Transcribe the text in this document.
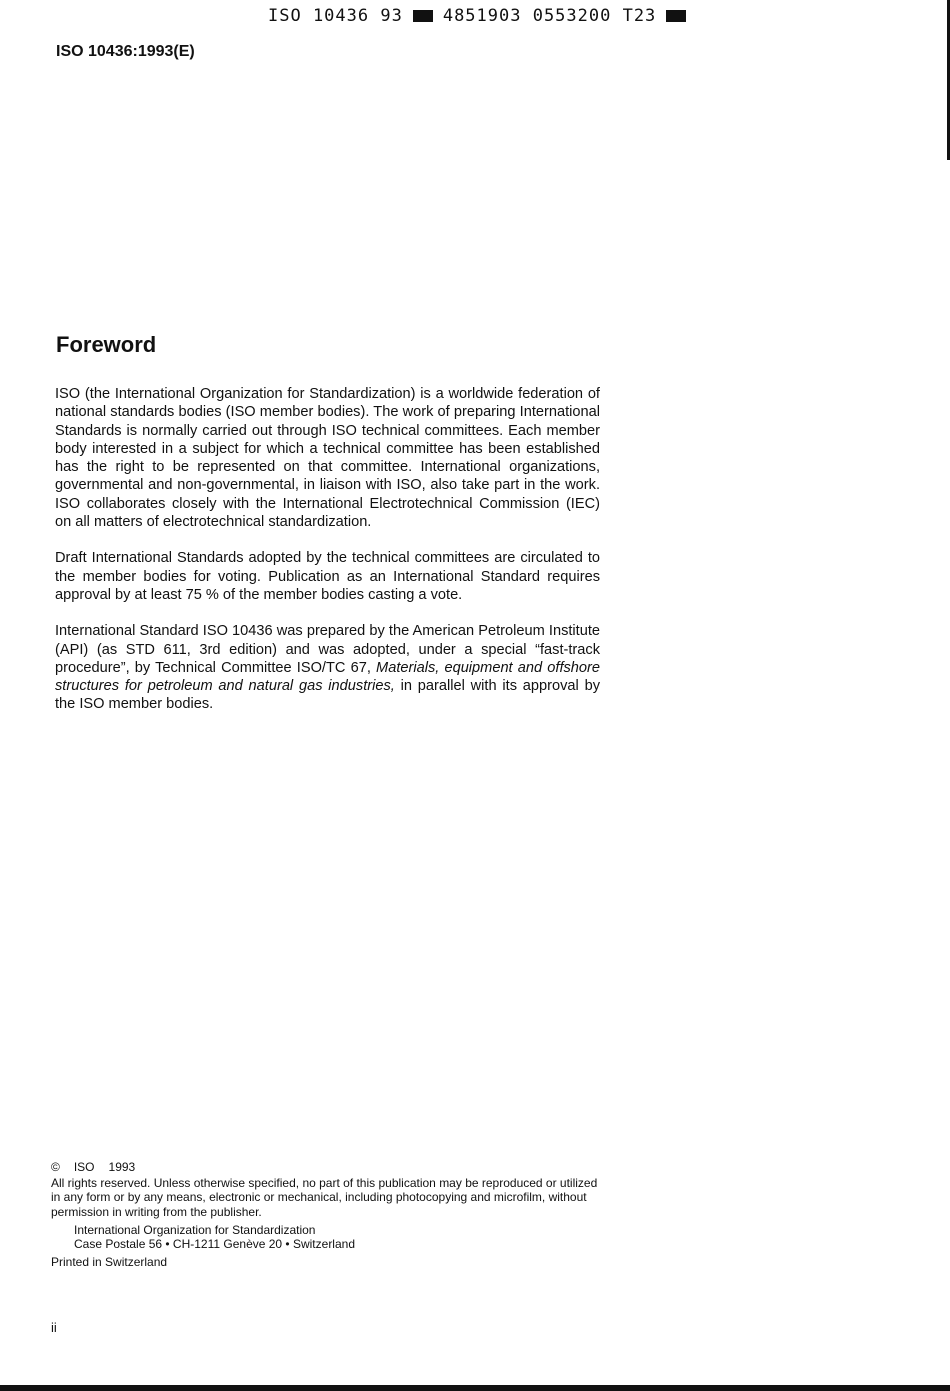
ISO 10436 93 4851903 0553200 T23
ISO 10436:1993(E)
Foreword

ISO (the International Organization for Standardization) is a worldwide federation of national standards bodies (ISO member bodies). The work of preparing International Standards is normally carried out through ISO technical committees. Each member body interested in a subject for which a technical committee has been established has the right to be represented on that committee. International organizations, governmental and non-governmental, in liaison with ISO, also take part in the work. ISO collaborates closely with the International Electrotechnical Commission (IEC) on all matters of electrotechnical standardization.

Draft International Standards adopted by the technical committees are circulated to the member bodies for voting. Publication as an International Standard requires approval by at least 75 % of the member bodies casting a vote.

International Standard ISO 10436 was prepared by the American Petroleum Institute (API) (as STD 611, 3rd edition) and was adopted, under a special “fast-track procedure”, by Technical Committee ISO/TC 67, Materials, equipment and offshore structures for petroleum and natural gas industries, in parallel with its approval by the ISO member bodies.

© ISO 1993
All rights reserved. Unless otherwise specified, no part of this publication may be reproduced or utilized in any form or by any means, electronic or mechanical, including photocopying and microfilm, without permission in writing from the publisher.
International Organization for Standardization
Case Postale 56 • CH-1211 Genève 20 • Switzerland
Printed in Switzerland
ii
